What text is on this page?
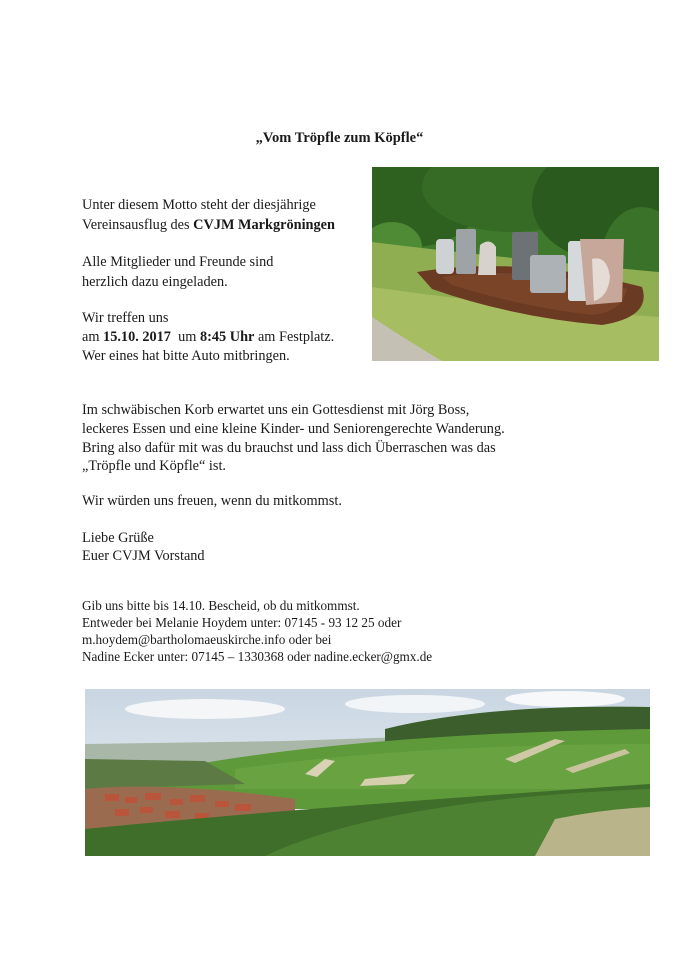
„Vom Tröpfle zum Köpfle“
Unter diesem Motto steht der diesjährige
Vereinsausflug des CVJM Markgröningen
Alle Mitglieder und Freunde sind
herzlich dazu eingeladen.
Wir treffen uns
am 15.10. 2017  um 8:45 Uhr am Festplatz.
Wer eines hat bitte Auto mitbringen.
Im schwäbischen Korb erwartet uns ein Gottesdienst mit Jörg Boss,
leckeres Essen und eine kleine Kinder- und Seniorengerechte Wanderung.
Bring also dafür mit was du brauchst und lass dich Überraschen was das
„Tröpfle und Köpfle“ ist.
Wir würden uns freuen, wenn du mitkommst.
Liebe Grüße
Euer CVJM Vorstand
Gib uns bitte bis 14.10. Bescheid, ob du mitkommst.
Entweder bei Melanie Hoydem unter: 07145 - 93 12 25 oder
m.hoydem@bartholomaeuskirche.info oder bei
Nadine Ecker unter: 07145 – 1330368 oder nadine.ecker@gmx.de
